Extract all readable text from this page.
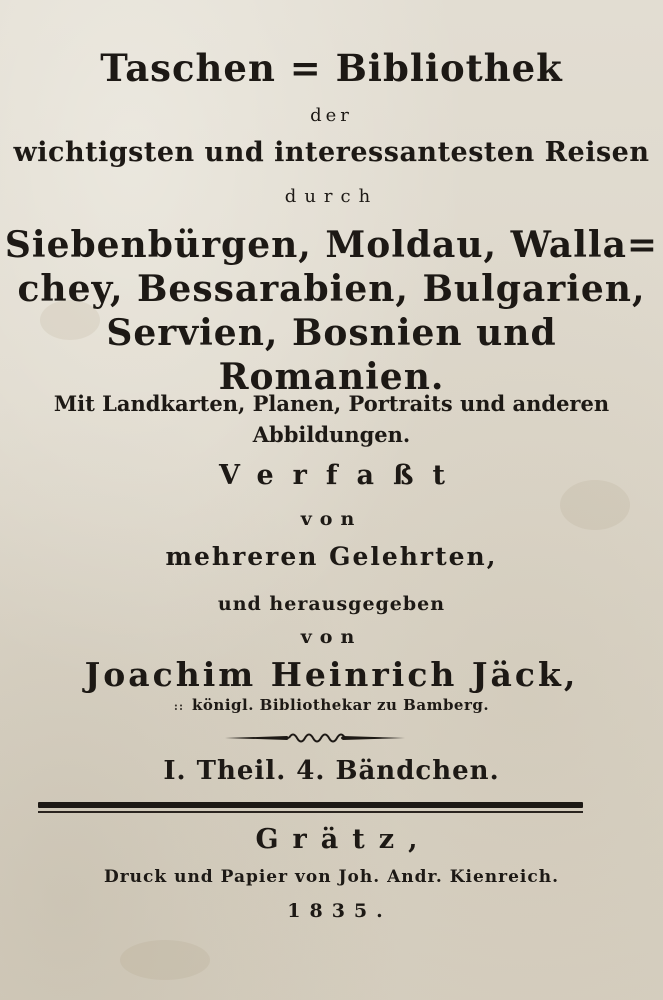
Taschen = Bibliothek
der
wichtigsten und interessantesten Reisen
durch
Siebenbürgen, Moldau, Walla=
chey, Bessarabien, Bulgarien,
Servien, Bosnien und
Romanien.
Mit Landkarten, Planen, Portraits und anderen
Abbildungen.
Verfaßt
von
mehreren Gelehrten,
und herausgegeben
von
Joachim Heinrich Jäck,
:: königl. Bibliothekar zu Bamberg.
I. Theil. 4. Bändchen.
Grätz,
Druck und Papier von Joh. Andr. Kienreich.
1835.
